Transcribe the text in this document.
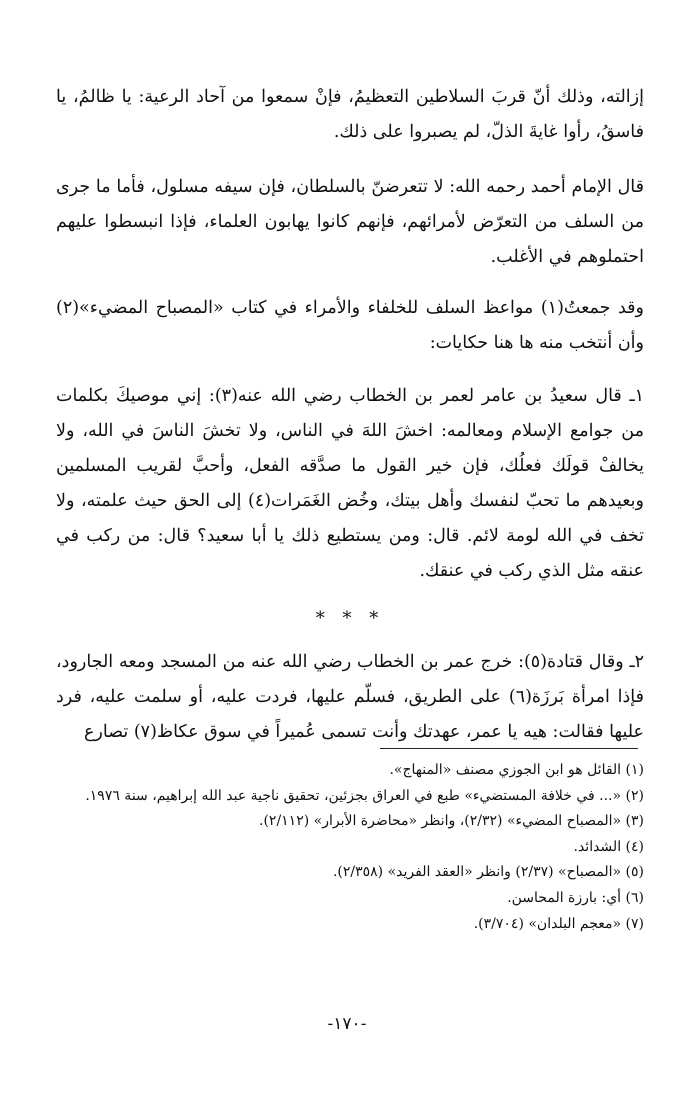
إزالته، وذلك أنّ قربَ السلاطين التعظيمُ، فإنْ سمعوا من آحاد الرعية: يا ظالمُ، يا فاسقُ، رأوا غايةَ الذلّ، لم يصبروا على ذلك.

قال الإمام أحمد رحمه الله: لا تتعرضنّ بالسلطان، فإن سيفه مسلول، فأما ما جرى من السلف من التعرّض لأمرائهم، فإنهم كانوا يهابون العلماء، فإذا انبسطوا عليهم احتملوهم في الأغلب.

وقد جمعتُ(١) مواعظ السلف للخلفاء والأمراء في كتاب «المصباح المضيء»(٢) وأن أنتخب منه ها هنا حكايات:

١ـ قال سعيدُ بن عامر لعمر بن الخطاب رضي الله عنه(٣): إني موصيكَ بكلمات من جوامع الإسلام ومعالمه: اخشَ اللهَ في الناس، ولا تخشَ الناسَ في الله، ولا يخالفْ قولَك فعلُك، فإن خير القول ما صدَّقه الفعل، وأحبَّ لقريب المسلمين وبعيدهم ما تحبّ لنفسك وأهل بيتك، وخُض الغَمَرات(٤) إلى الحق حيث علمته، ولا تخف في الله لومة لائم. قال: ومن يستطيع ذلك يا أبا سعيد؟ قال: من ركب في عنقه مثل الذي ركب في عنقك.

* * *

٢ـ وقال قتادة(٥): خرج عمر بن الخطاب رضي الله عنه من المسجد ومعه الجارود، فإذا امرأة بَرزَة(٦) على الطريق، فسلّم عليها، فردت عليه، أو سلمت عليه، فرد عليها فقالت: هيه يا عمر، عهدتك وأنت تسمى عُميراً في سوق عكاظ(٧) تصارع

(١) القائل هو ابن الجوزي مصنف «المنهاج».

(٢) «... في خلافة المستضيء» طبع في العراق بجزئين، تحقيق ناجية عبد الله إبراهيم، سنة ١٩٧٦.

(٣) «المصباح المضيء» (٢/٣٢)، وانظر «محاضرة الأبرار» (٢/١١٢).

(٤) الشدائد.

(٥) «المصباح» (٢/٣٧) وانظر «العقد الفريد» (٢/٣٥٨).

(٦) أي: بارزة المحاسن.

(٧) «معجم البلدان» (٣/٧٠٤).

-١٧٠-
